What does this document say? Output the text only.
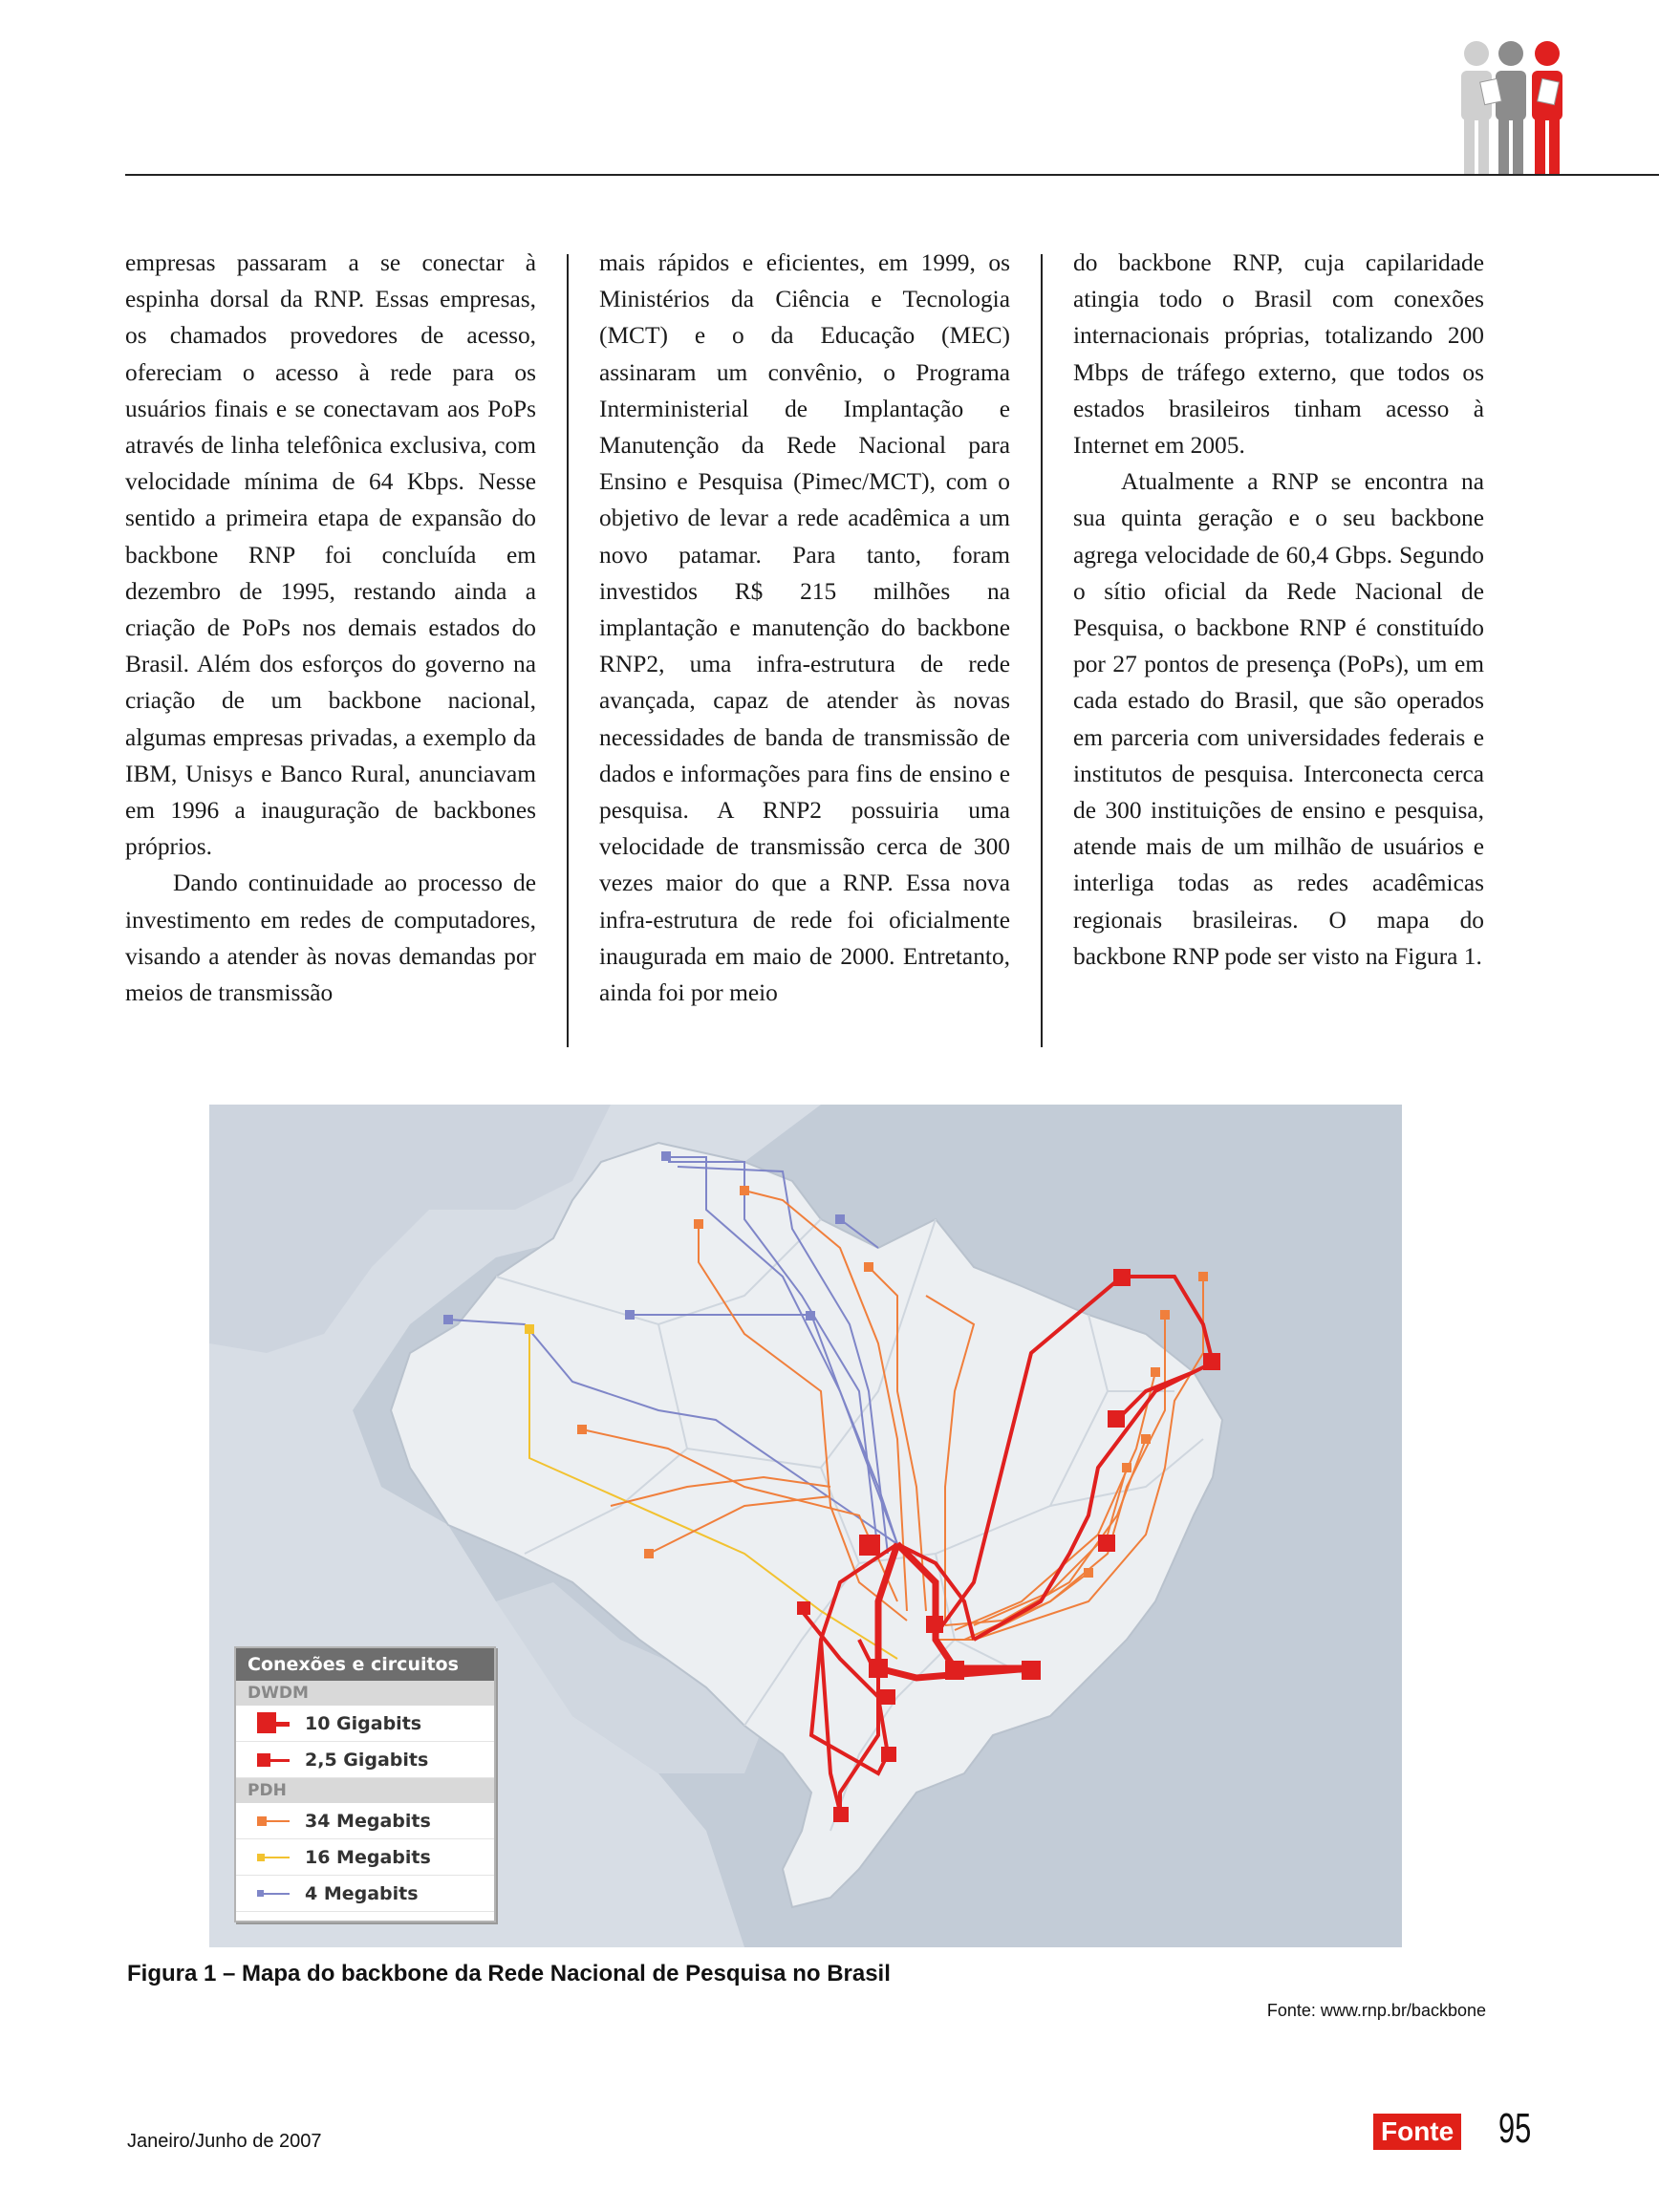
empresas passaram a se conectar à espinha dorsal da RNP. Essas empresas, os chamados provedores de acesso, ofereciam o acesso à rede para os usuários finais e se conectavam aos PoPs através de linha telefônica exclusiva, com velocidade mínima de 64 Kbps. Nesse sentido a primeira etapa de expansão do backbone RNP foi concluída em dezembro de 1995, restando ainda a criação de PoPs nos demais estados do Brasil. Além dos esforços do governo na criação de um backbone nacional, algumas empresas privadas, a exemplo da IBM, Unisys e Banco Rural, anunciavam em 1996 a inauguração de backbones próprios.

Dando continuidade ao processo de investimento em redes de computadores, visando a atender às novas demandas por meios de transmissão

mais rápidos e eficientes, em 1999, os Ministérios da Ciência e Tecnologia (MCT) e o da Educação (MEC) assinaram um convênio, o Programa Interministerial de Implantação e Manutenção da Rede Nacional para Ensino e Pesquisa (Pimec/MCT), com o objetivo de levar a rede acadêmica a um novo patamar. Para tanto, foram investidos R$ 215 milhões na implantação e manutenção do backbone RNP2, uma infra-estrutura de rede avançada, capaz de atender às novas necessidades de banda de transmissão de dados e informações para fins de ensino e pesquisa. A RNP2 possuiria uma velocidade de transmissão cerca de 300 vezes maior do que a RNP. Essa nova infra-estrutura de rede foi oficialmente inaugurada em maio de 2000. Entretanto, ainda foi por meio

do backbone RNP, cuja capilaridade atingia todo o Brasil com conexões internacionais próprias, totalizando 200 Mbps de tráfego externo, que todos os estados brasileiros tinham acesso à Internet em 2005.

Atualmente a RNP se encontra na sua quinta geração e o seu backbone agrega velocidade de 60,4 Gbps. Segundo o sítio oficial da Rede Nacional de Pesquisa, o backbone RNP é constituído por 27 pontos de presença (PoPs), um em cada estado do Brasil, que são operados em parceria com universidades federais e institutos de pesquisa. Interconecta cerca de 300 instituições de ensino e pesquisa, atende mais de um milhão de usuários e interliga todas as redes acadêmicas regionais brasileiras. O mapa do backbone RNP pode ser visto na Figura 1.

Conexões e circuitos
DWDM
10 Gigabits
2,5 Gigabits
PDH
34 Megabits
16 Megabits
4 Megabits
Figura 1 – Mapa do backbone da Rede Nacional de Pesquisa no Brasil
Fonte: www.rnp.br/backbone
Janeiro/Junho de 2007	Fonte 95
